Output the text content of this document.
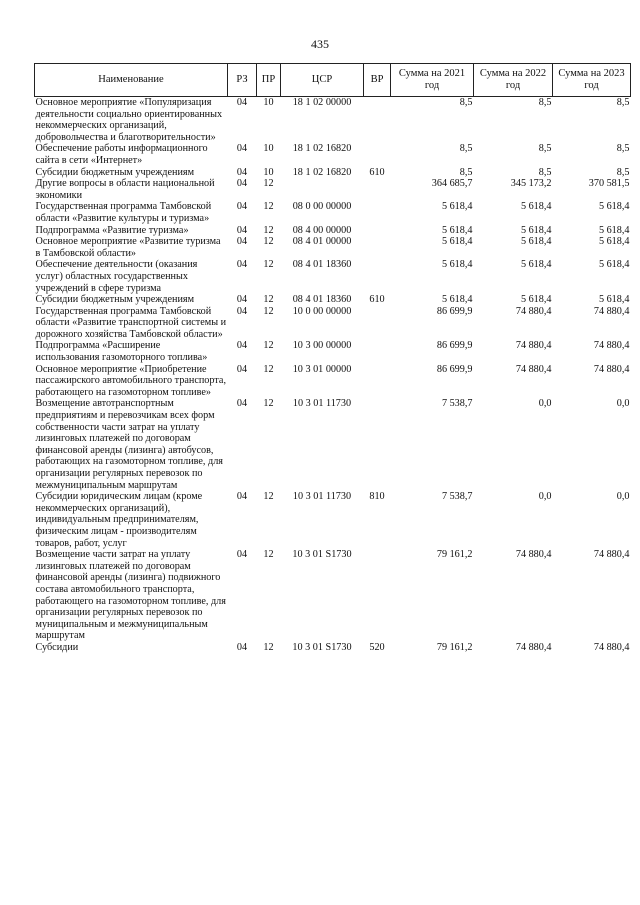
435
Наименование	РЗ	ПР	ЦСР	ВР	Сумма на 2021 год	Сумма на 2022 год	Сумма на 2023 год
Основное мероприятие «Популяризация деятельности социально ориентированных некоммерческих организаций, добровольчества и благотворительности»	04	10	18 1 02 00000		8,5	8,5	8,5
Обеспечение работы информационного сайта в сети «Интернет»	04	10	18 1 02 16820		8,5	8,5	8,5
Субсидии бюджетным учреждениям	04	10	18 1 02 16820	610	8,5	8,5	8,5
Другие вопросы в области национальной экономики	04	12			364 685,7	345 173,2	370 581,5
Государственная программа Тамбовской области «Развитие культуры и туризма»	04	12	08 0 00 00000		5 618,4	5 618,4	5 618,4
Подпрограмма «Развитие туризма»	04	12	08 4 00 00000		5 618,4	5 618,4	5 618,4
Основное мероприятие «Развитие туризма в Тамбовской области»	04	12	08 4 01 00000		5 618,4	5 618,4	5 618,4
Обеспечение деятельности (оказания услуг) областных государственных учреждений в сфере туризма	04	12	08 4 01 18360		5 618,4	5 618,4	5 618,4
Субсидии бюджетным учреждениям	04	12	08 4 01 18360	610	5 618,4	5 618,4	5 618,4
Государственная программа Тамбовской области «Развитие транспортной системы и дорожного хозяйства Тамбовской области»	04	12	10 0 00 00000		86 699,9	74 880,4	74 880,4
Подпрограмма «Расширение использования газомоторного топлива»	04	12	10 3 00 00000		86 699,9	74 880,4	74 880,4
Основное мероприятие «Приобретение пассажирского автомобильного транспорта, работающего на газомоторном топливе»	04	12	10 3 01 00000		86 699,9	74 880,4	74 880,4
Возмещение автотранспортным предприятиям и перевозчикам всех форм собственности части затрат на уплату лизинговых платежей по договорам финансовой аренды (лизинга) автобусов, работающих на газомоторном топливе, для организации регулярных перевозок по межмуниципальным маршрутам	04	12	10 3 01 11730		7 538,7	0,0	0,0
Субсидии юридическим лицам (кроме некоммерческих организаций), индивидуальным предпринимателям, физическим лицам - производителям товаров, работ, услуг	04	12	10 3 01 11730	810	7 538,7	0,0	0,0
Возмещение части затрат на уплату лизинговых платежей по договорам финансовой аренды (лизинга) подвижного состава автомобильного транспорта, работающего на газомоторном топливе, для организации регулярных перевозок по муниципальным и межмуниципальным маршрутам	04	12	10 3 01 S1730		79 161,2	74 880,4	74 880,4
Субсидии	04	12	10 3 01 S1730	520	79 161,2	74 880,4	74 880,4
